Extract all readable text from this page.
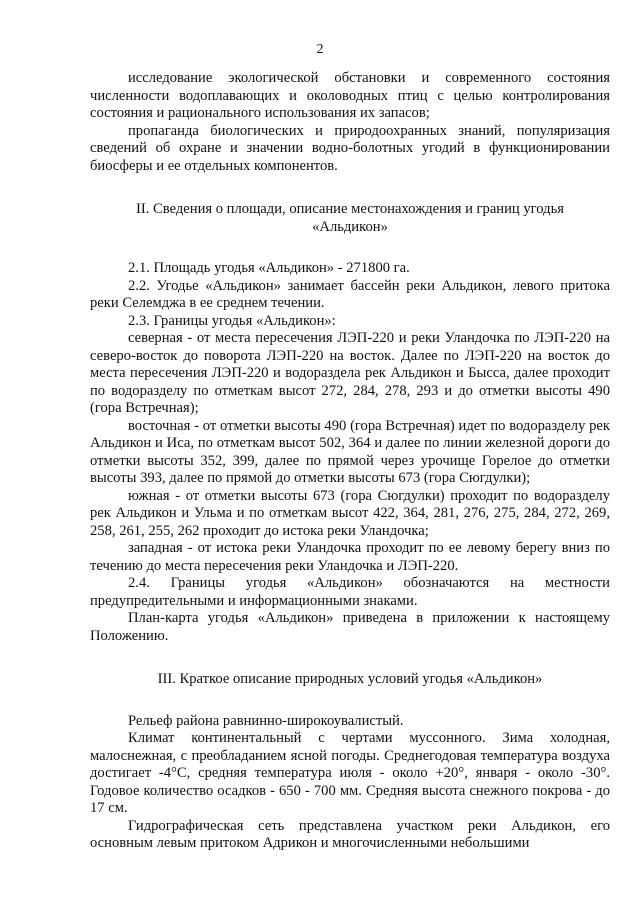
2

исследование экологической обстановки и современного состояния численности водоплавающих и околоводных птиц с целью контролирования состояния и рационального использования их запасов;

пропаганда биологических и природоохранных знаний, популяризация сведений об охране и значении водно-болотных угодий в функционировании биосферы и ее отдельных компонентов.

II. Сведения о площади, описание местонахождения и границ угодья

«Альдикон»

2.1. Площадь угодья «Альдикон» - 271800 га.

2.2. Угодье «Альдикон» занимает бассейн реки Альдикон, левого притока реки Селемджа в ее среднем течении.

2.3. Границы угодья «Альдикон»:

северная - от места пересечения ЛЭП-220 и реки Уландочка по ЛЭП-220 на северо-восток до поворота ЛЭП-220 на восток. Далее по ЛЭП-220 на восток до места пересечения ЛЭП-220 и водораздела рек Альдикон и Бысса, далее проходит по водоразделу по отметкам высот 272, 284, 278, 293 и до отметки высоты 490 (гора Встречная);

восточная - от отметки высоты 490 (гора Встречная) идет по водоразделу рек Альдикон и Иса, по отметкам высот 502, 364 и далее по линии железной дороги до отметки высоты 352, 399, далее по прямой через урочище Горелое до отметки высоты 393, далее по прямой до отметки высоты 673 (гора Сюгдулки);

южная - от отметки высоты 673 (гора Сюгдулки) проходит по водоразделу рек Альдикон и Ульма и по отметкам высот 422, 364, 281, 276, 275, 284, 272, 269, 258, 261, 255, 262 проходит до истока реки Уландочка;

западная - от истока реки Уландочка проходит по ее левому берегу вниз по течению до места пересечения реки Уландочка и ЛЭП-220.

2.4. Границы угодья «Альдикон» обозначаются на местности предупредительными и информационными знаками.

План-карта угодья «Альдикон» приведена в приложении к настоящему Положению.

III. Краткое описание природных условий угодья «Альдикон»

Рельеф района равнинно-широкоувалистый.

Климат континентальный с чертами муссонного. Зима холодная, малоснежная, с преобладанием ясной погоды. Среднегодовая температура воздуха достигает -4°С, средняя температура июля - около +20°, января - около -30°. Годовое количество осадков - 650 - 700 мм. Средняя высота снежного покрова - до 17 см.

Гидрографическая сеть представлена участком реки Альдикон, его основным левым притоком Адрикон и многочисленными небольшими
